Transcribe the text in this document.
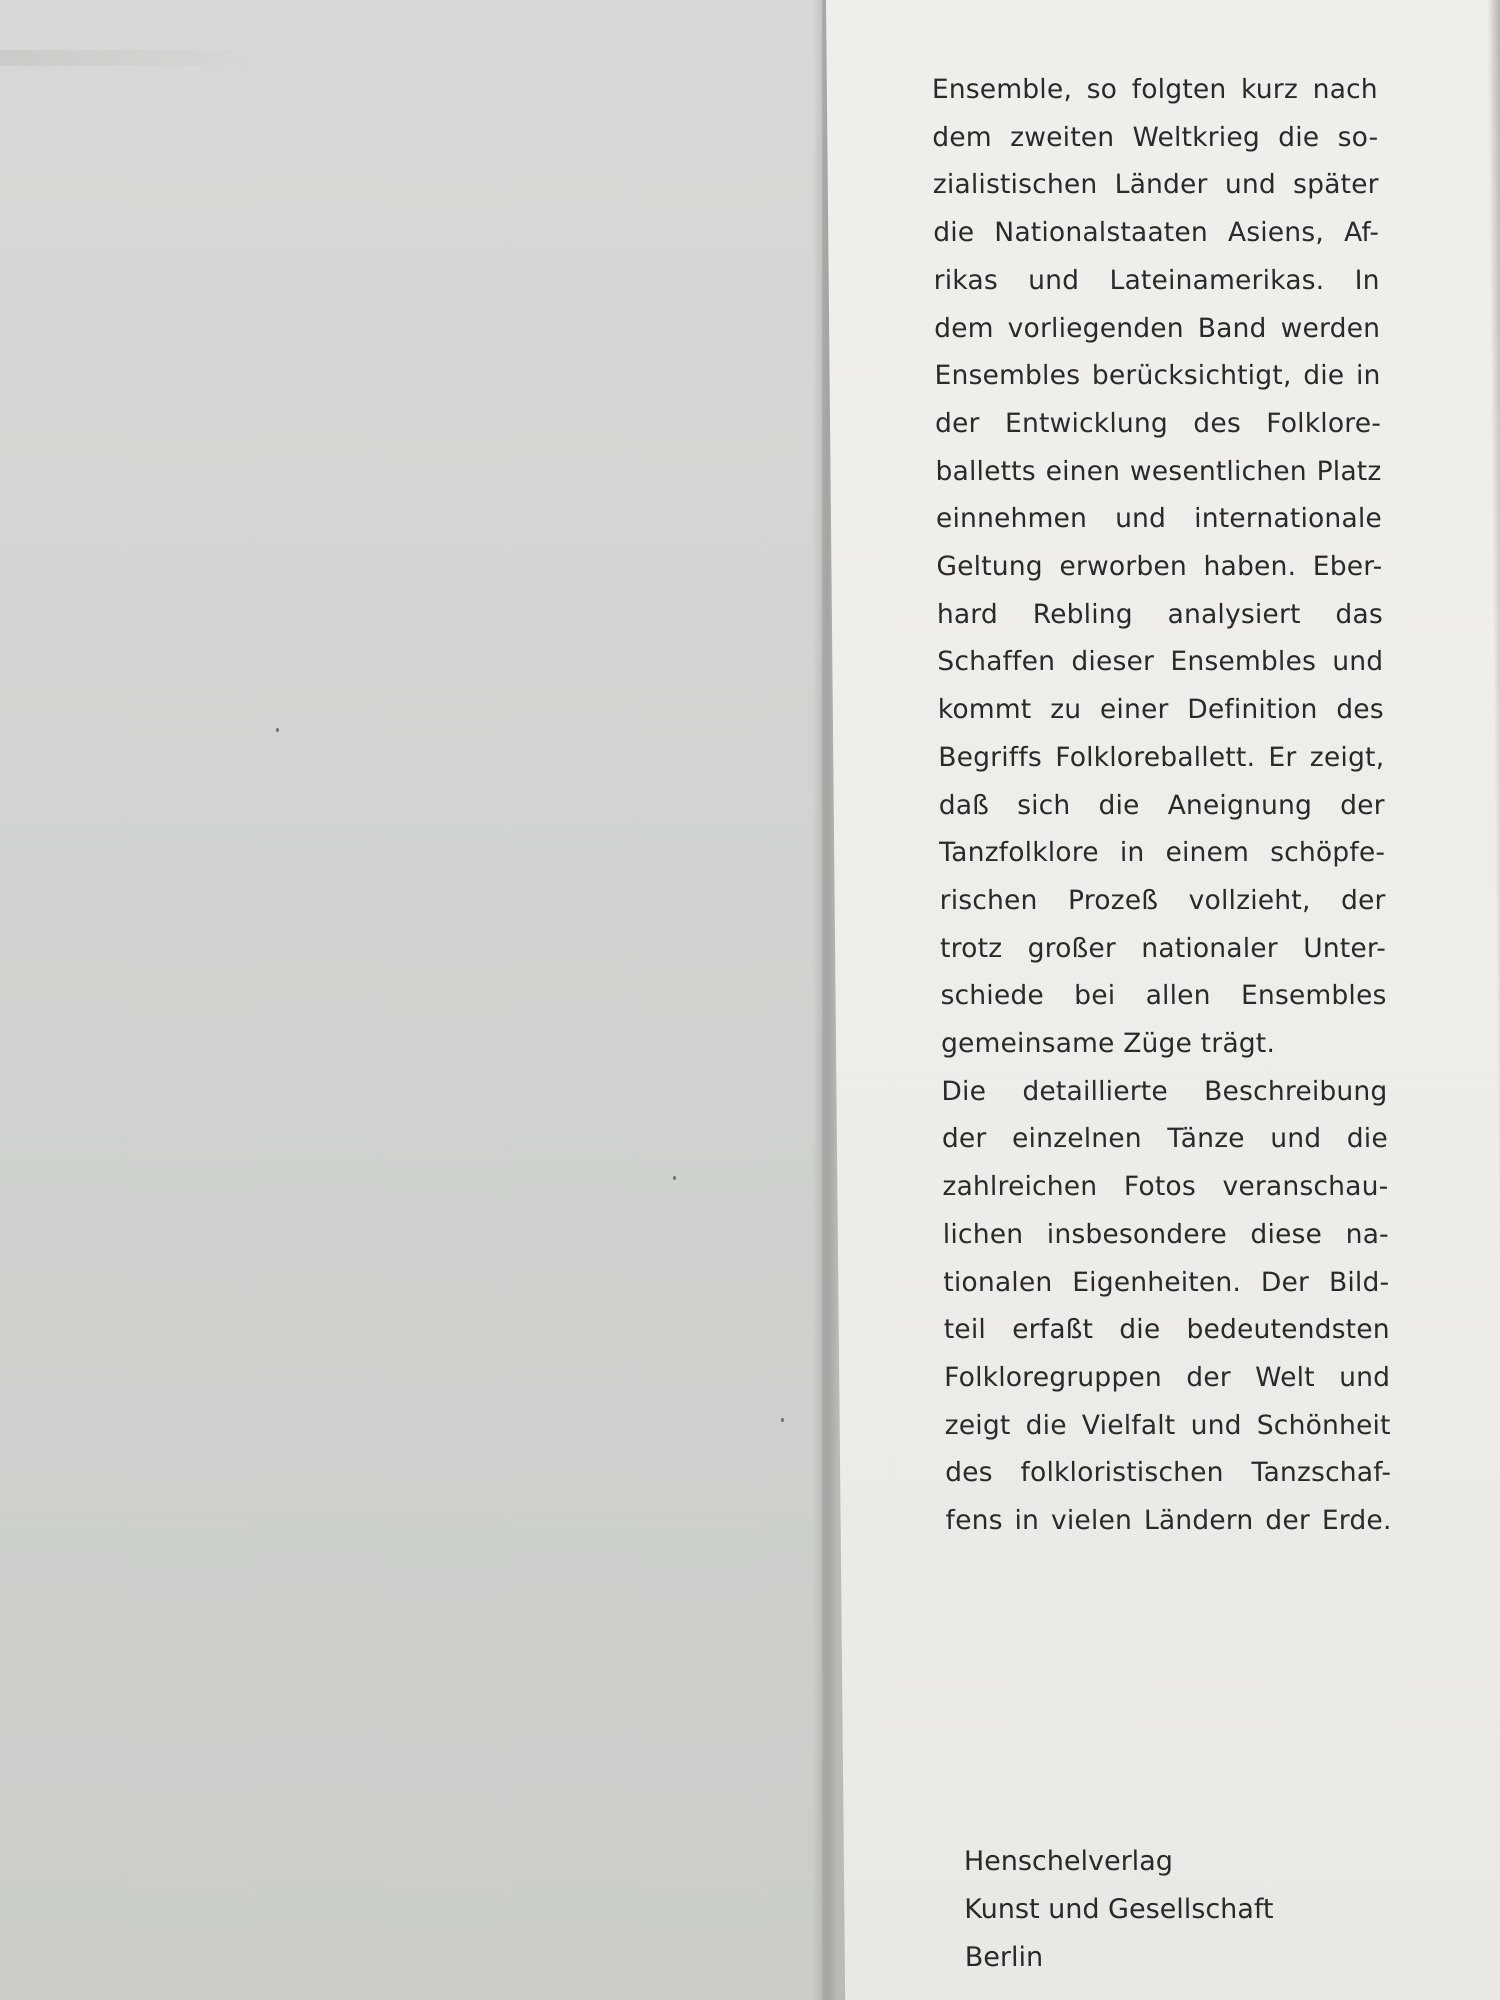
Ensemble, so folgten kurz nach
dem zweiten Weltkrieg die so-
zialistischen Länder und später
die Nationalstaaten Asiens, Af-
rikas und Lateinamerikas. In
dem vorliegenden Band werden
Ensembles berücksichtigt, die in
der Entwicklung des Folklore-
balletts einen wesentlichen Platz
einnehmen und internationale
Geltung erworben haben. Eber-
hard Rebling analysiert das
Schaffen dieser Ensembles und
kommt zu einer Definition des
Begriffs Folkloreballett. Er zeigt,
daß sich die Aneignung der
Tanzfolklore in einem schöpfe-
rischen Prozeß vollzieht, der
trotz großer nationaler Unter-
schiede bei allen Ensembles
gemeinsame Züge trägt.
Die detaillierte Beschreibung
der einzelnen Tänze und die
zahlreichen Fotos veranschau-
lichen insbesondere diese na-
tionalen Eigenheiten. Der Bild-
teil erfaßt die bedeutendsten
Folkloregruppen der Welt und
zeigt die Vielfalt und Schönheit
des folkloristischen Tanzschaf-
fens in vielen Ländern der Erde.

Henschelverlag
Kunst und Gesellschaft
Berlin
